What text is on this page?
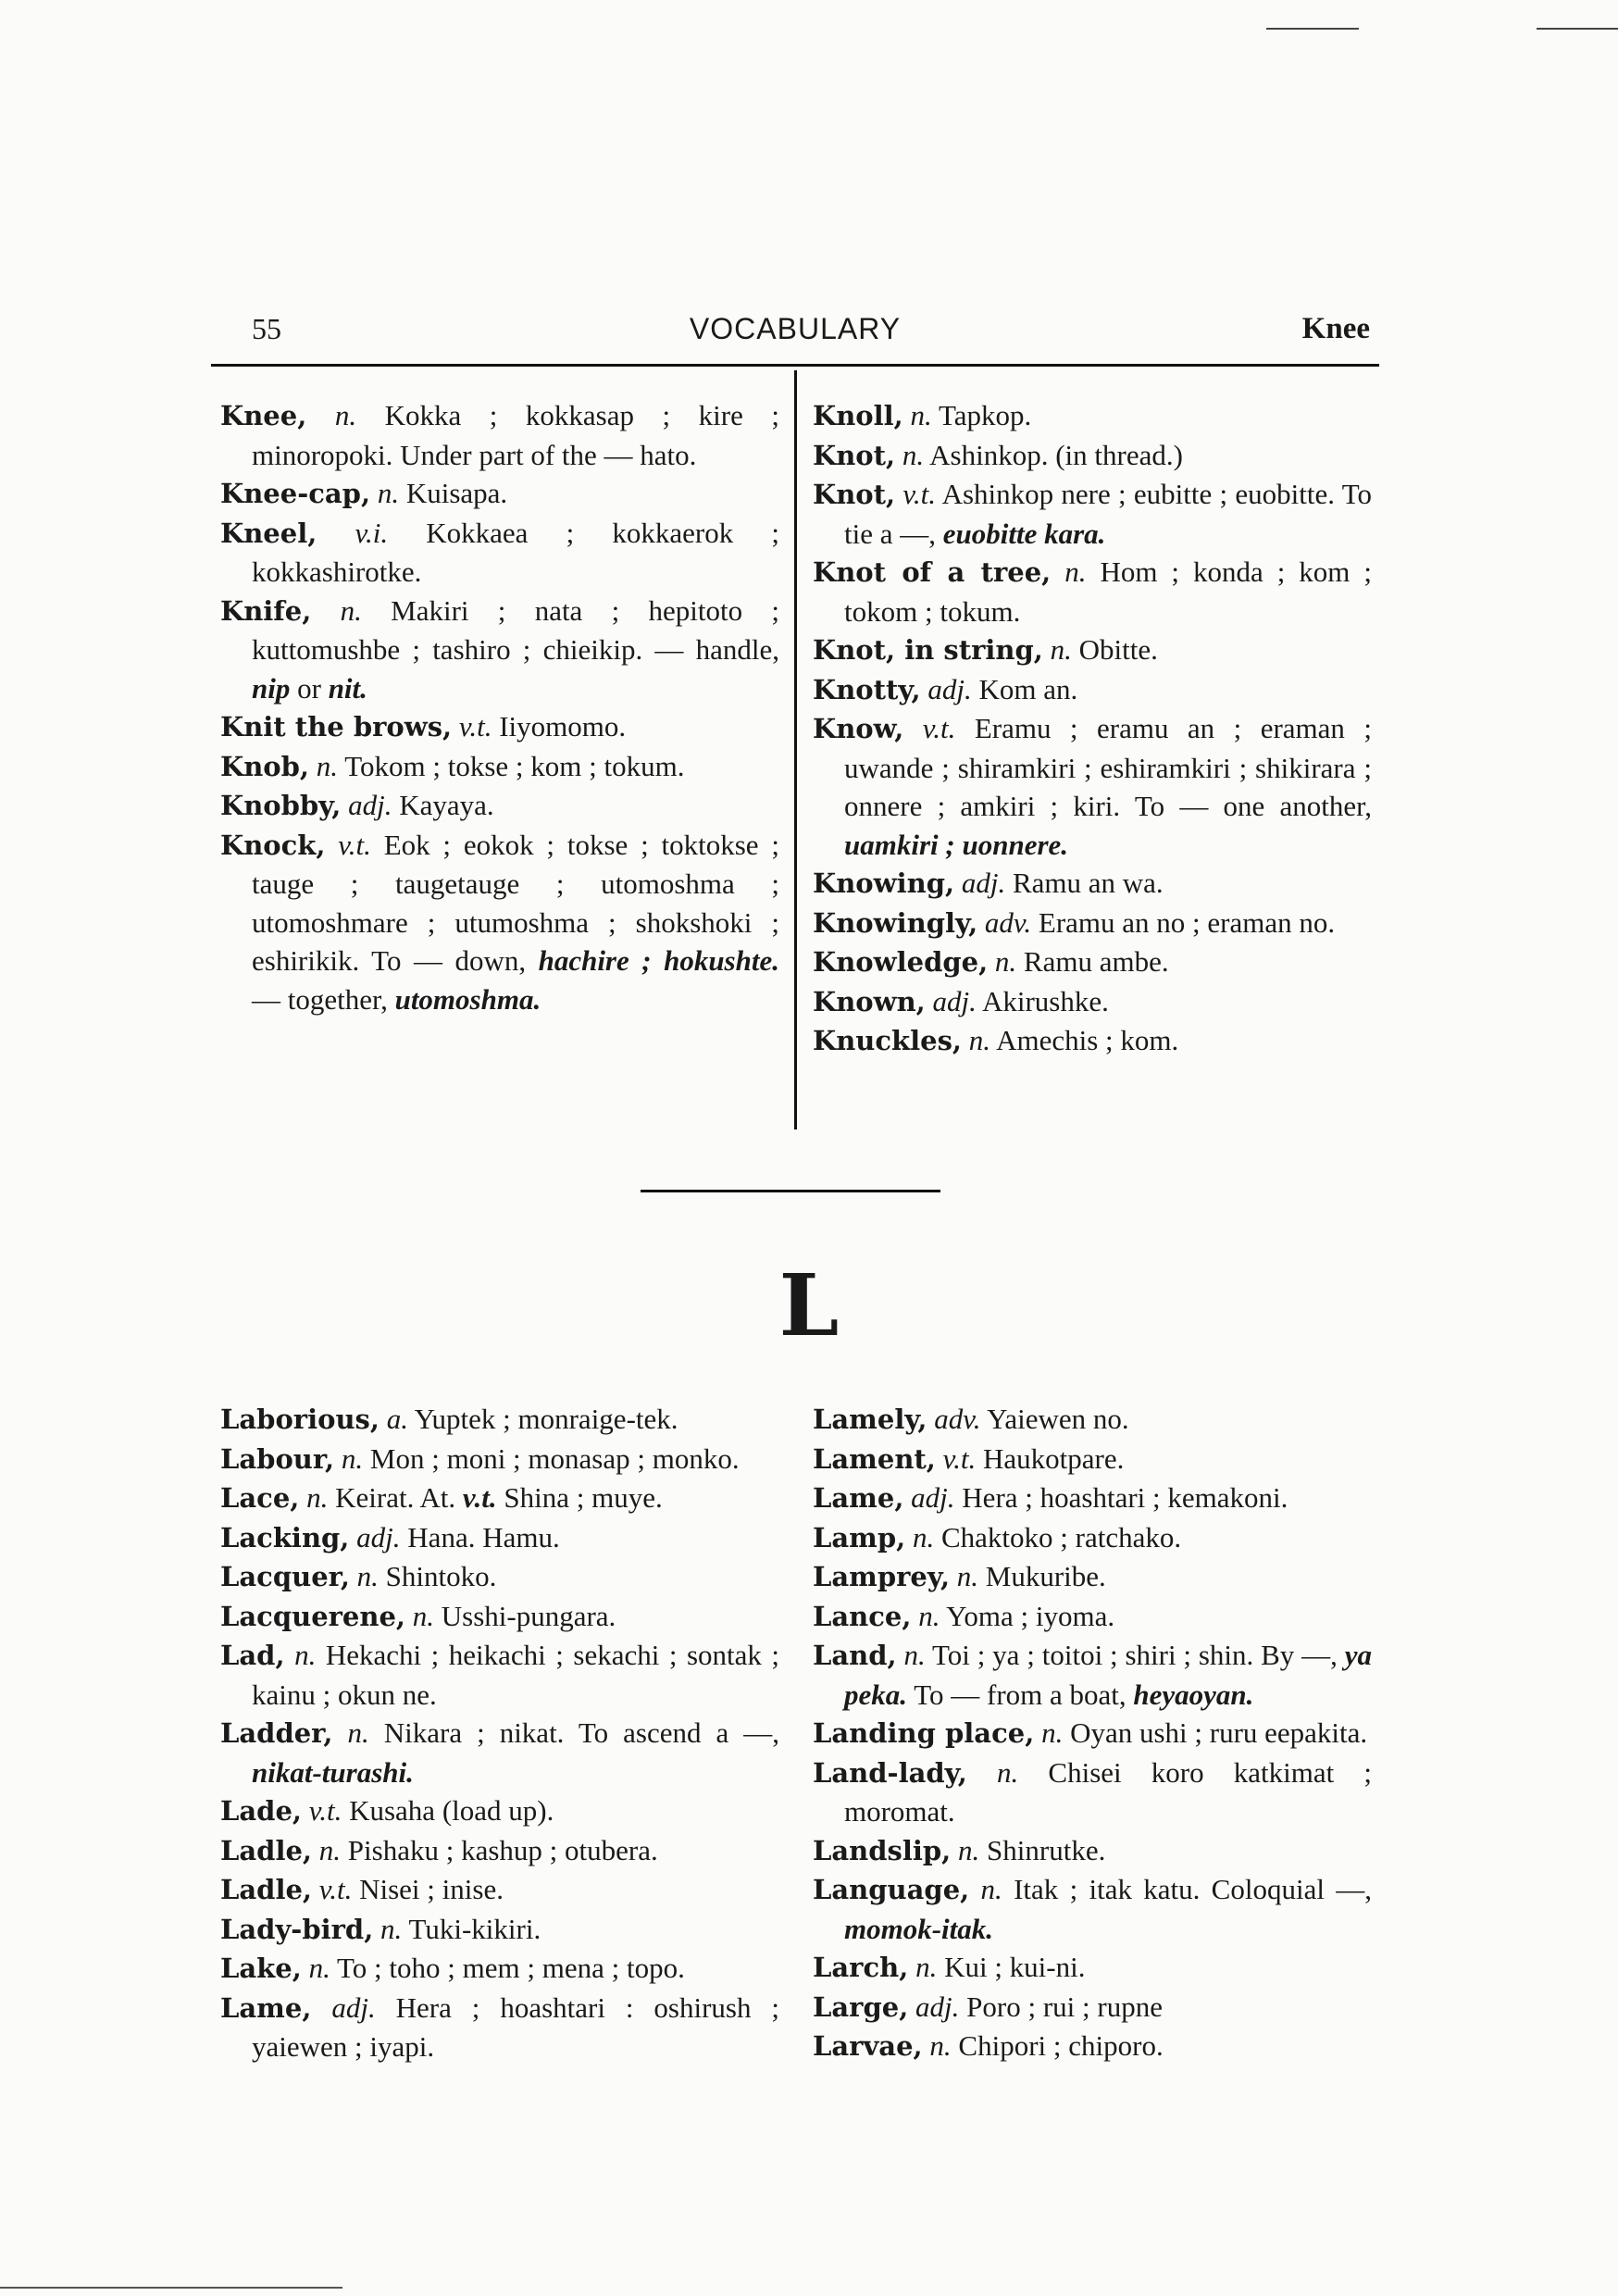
55	VOCABULARY	Knee
Knee, n. Kokka ; kokkasap ; kire ; minoropoki. Under part of the — hato.
Knee-cap, n. Kuisapa.
Kneel, v.i. Kokkaea ; kokkaerok ; kokkashirotke.
Knife, n. Makiri ; nata ; hepitoto ; kuttomushbe ; tashiro ; chieikip. — handle, nip or nit.
Knit the brows, v.t. Iiyomomo.
Knob, n. Tokom ; tokse ; kom ; tokum.
Knobby, adj. Kayaya.
Knock, v.t. Eok ; eokok ; tokse ; toktokse ; tauge ; taugetauge ; utomoshma ; utomoshmare ; utumoshma ; shokshoki ; eshirikik. To — down, hachire ; hokushte. — together, utomoshma.
Knoll, n. Tapkop.
Knot, n. Ashinkop. (in thread.)
Knot, v.t. Ashinkop nere ; eubitte ; euobitte. To tie a —, euobitte kara.
Knot of a tree, n. Hom ; konda ; kom ; tokom ; tokum.
Knot, in string, n. Obitte.
Knotty, adj. Kom an.
Know, v.t. Eramu ; eramu an ; eraman ; uwande ; shiramkiri ; eshiramkiri ; shikirara ; onnere ; amkiri ; kiri. To — one another, uamkiri ; uonnere.
Knowing, adj. Ramu an wa.
Knowingly, adv. Eramu an no ; eraman no.
Knowledge, n. Ramu ambe.
Known, adj. Akirushke.
Knuckles, n. Amechis ; kom.
L
Laborious, a. Yuptek ; monraige-tek.
Labour, n. Mon ; moni ; monasap ; monko.
Lace, n. Keirat. At. v.t. Shina ; muye.
Lacking, adj. Hana. Hamu.
Lacquer, n. Shintoko.
Lacquerene, n. Usshi-pungara.
Lad, n. Hekachi ; heikachi ; sekachi ; sontak ; kainu ; okun ne.
Ladder, n. Nikara ; nikat. To ascend a —, nikat-turashi.
Lade, v.t. Kusaha (load up).
Ladle, n. Pishaku ; kashup ; otubera.
Ladle, v.t. Nisei ; inise.
Lady-bird, n. Tuki-kikiri.
Lake, n. To ; toho ; mem ; mena ; topo.
Lame, adj. Hera ; hoashtari : oshirush ; yaiewen ; iyapi.
Lamely, adv. Yaiewen no.
Lament, v.t. Haukotpare.
Lame, adj. Hera ; hoashtari ; kemakoni.
Lamp, n. Chaktoko ; ratchako.
Lamprey, n. Mukuribe.
Lance, n. Yoma ; iyoma.
Land, n. Toi ; ya ; toitoi ; shiri ; shin. By —, ya peka. To — from a boat, heyaoyan.
Landing place, n. Oyan ushi ; ruru eepakita.
Land-lady, n. Chisei koro katkimat ; moromat.
Landslip, n. Shinrutke.
Language, n. Itak ; itak katu. Coloquial —, momok-itak.
Larch, n. Kui ; kui-ni.
Large, adj. Poro ; rui ; rupne
Larvae, n. Chipori ; chiporo.
